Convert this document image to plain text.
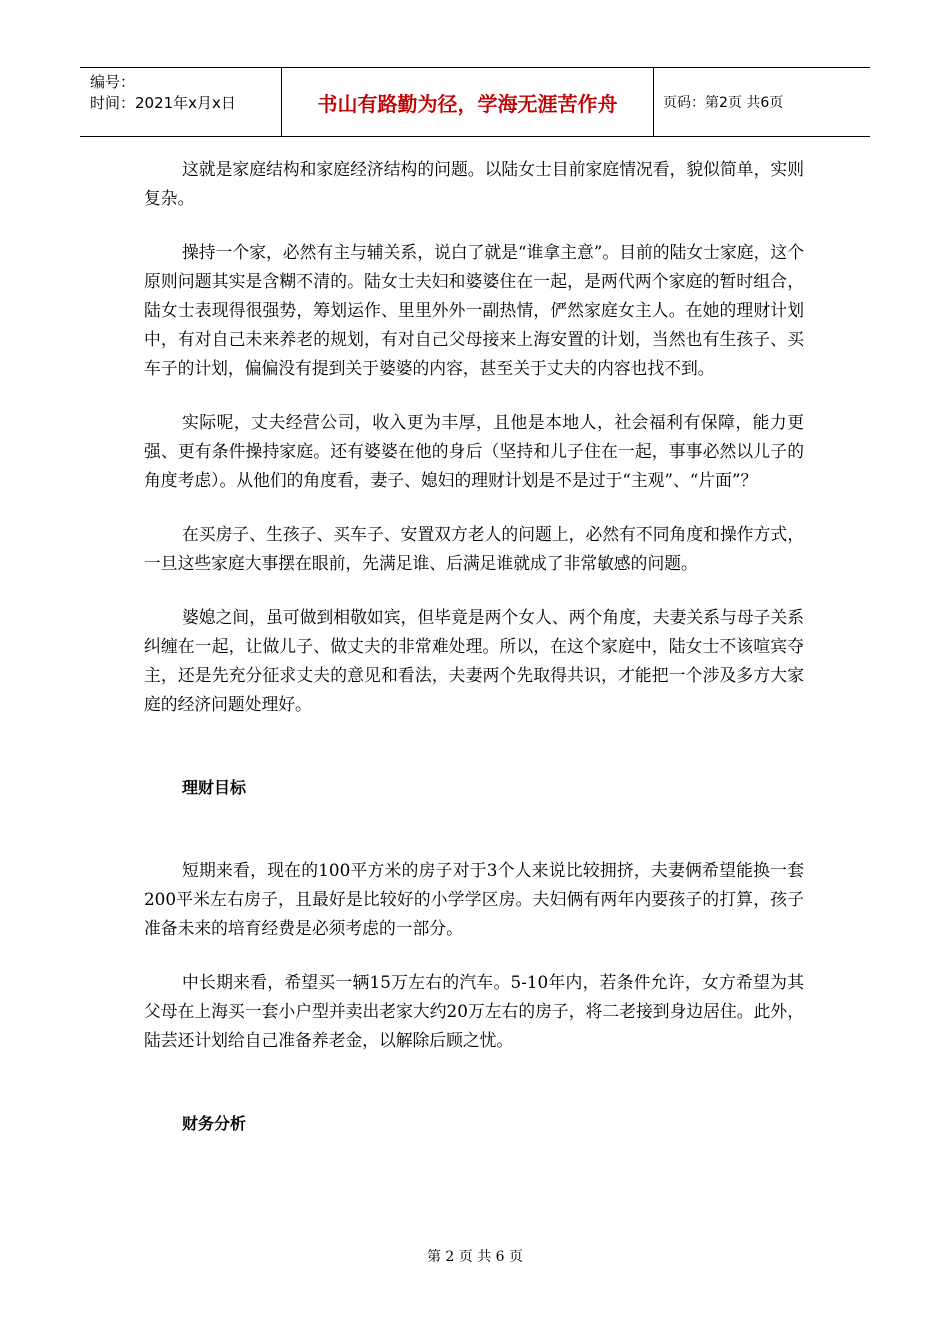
编号：
时间：2021年x月x日	书山有路勤为径，学海无涯苦作舟	页码：第2页 共6页

这就是家庭结构和家庭经济结构的问题。以陆女士目前家庭情况看，貌似简单，实则复杂。

操持一个家，必然有主与辅关系，说白了就是“谁拿主意”。目前的陆女士家庭，这个原则问题其实是含糊不清的。陆女士夫妇和婆婆住在一起，是两代两个家庭的暂时组合，陆女士表现得很强势，筹划运作、里里外外一副热情，俨然家庭女主人。在她的理财计划中，有对自己未来养老的规划，有对自己父母接来上海安置的计划，当然也有生孩子、买车子的计划，偏偏没有提到关于婆婆的内容，甚至关于丈夫的内容也找不到。

实际呢，丈夫经营公司，收入更为丰厚，且他是本地人，社会福利有保障，能力更强、更有条件操持家庭。还有婆婆在他的身后（坚持和儿子住在一起，事事必然以儿子的角度考虑）。从他们的角度看，妻子、媳妇的理财计划是不是过于“主观”、“片面”？

在买房子、生孩子、买车子、安置双方老人的问题上，必然有不同角度和操作方式，一旦这些家庭大事摆在眼前，先满足谁、后满足谁就成了非常敏感的问题。

婆媳之间，虽可做到相敬如宾，但毕竟是两个女人、两个角度，夫妻关系与母子关系纠缠在一起，让做儿子、做丈夫的非常难处理。所以，在这个家庭中，陆女士不该喧宾夺主，还是先充分征求丈夫的意见和看法，夫妻两个先取得共识，才能把一个涉及多方大家庭的经济问题处理好。

理财目标

短期来看，现在的100平方米的房子对于3个人来说比较拥挤，夫妻俩希望能换一套200平米左右房子，且最好是比较好的小学学区房。夫妇俩有两年内要孩子的打算，孩子准备未来的培育经费是必须考虑的一部分。

中长期来看，希望买一辆15万左右的汽车。5-10年内，若条件允许，女方希望为其父母在上海买一套小户型并卖出老家大约20万左右的房子，将二老接到身边居住。此外，陆芸还计划给自己准备养老金，以解除后顾之忧。

财务分析
第 2 页 共 6 页
